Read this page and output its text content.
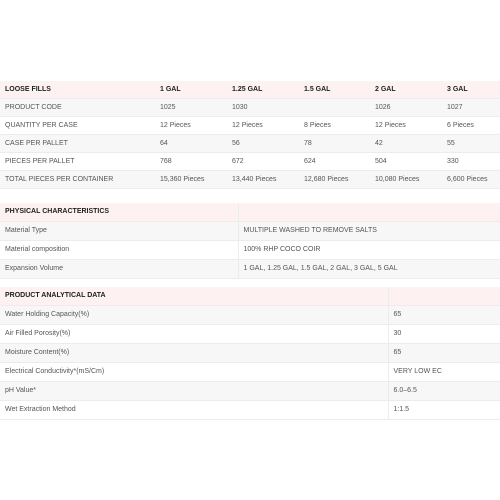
LOOSE FILLS	1 GAL	1.25 GAL	1.5 GAL	2 GAL	3 GAL
PRODUCT CODE	1025	1030		1026	1027
QUANTITY PER CASE	12 Pieces	12 Pieces	8 Pieces	12 Pieces	6 Pieces
CASE PER PALLET	64	56	78	42	55
PIECES PER PALLET	768	672	624	504	330
TOTAL PIECES PER CONTAINER	15,360 Pieces	13,440 Pieces	12,680 Pieces	10,080 Pieces	6,600 Pieces
PHYSICAL CHARACTERISTICS	
Material Type	MULTIPLE WASHED TO REMOVE SALTS
Material composition	100% RHP COCO COIR
Expansion Volume	1 GAL, 1.25 GAL, 1.5 GAL, 2 GAL, 3 GAL, 5 GAL
PRODUCT ANALYTICAL DATA	
Water Holding Capacity(%)	65
Air Filled Porosity(%)	30
Moisture Content(%)	65
Electrical Conductivity*(mS/Cm)	VERY LOW EC
pH Value*	6.0–6.5
Wet Extraction Method	1:1.5
